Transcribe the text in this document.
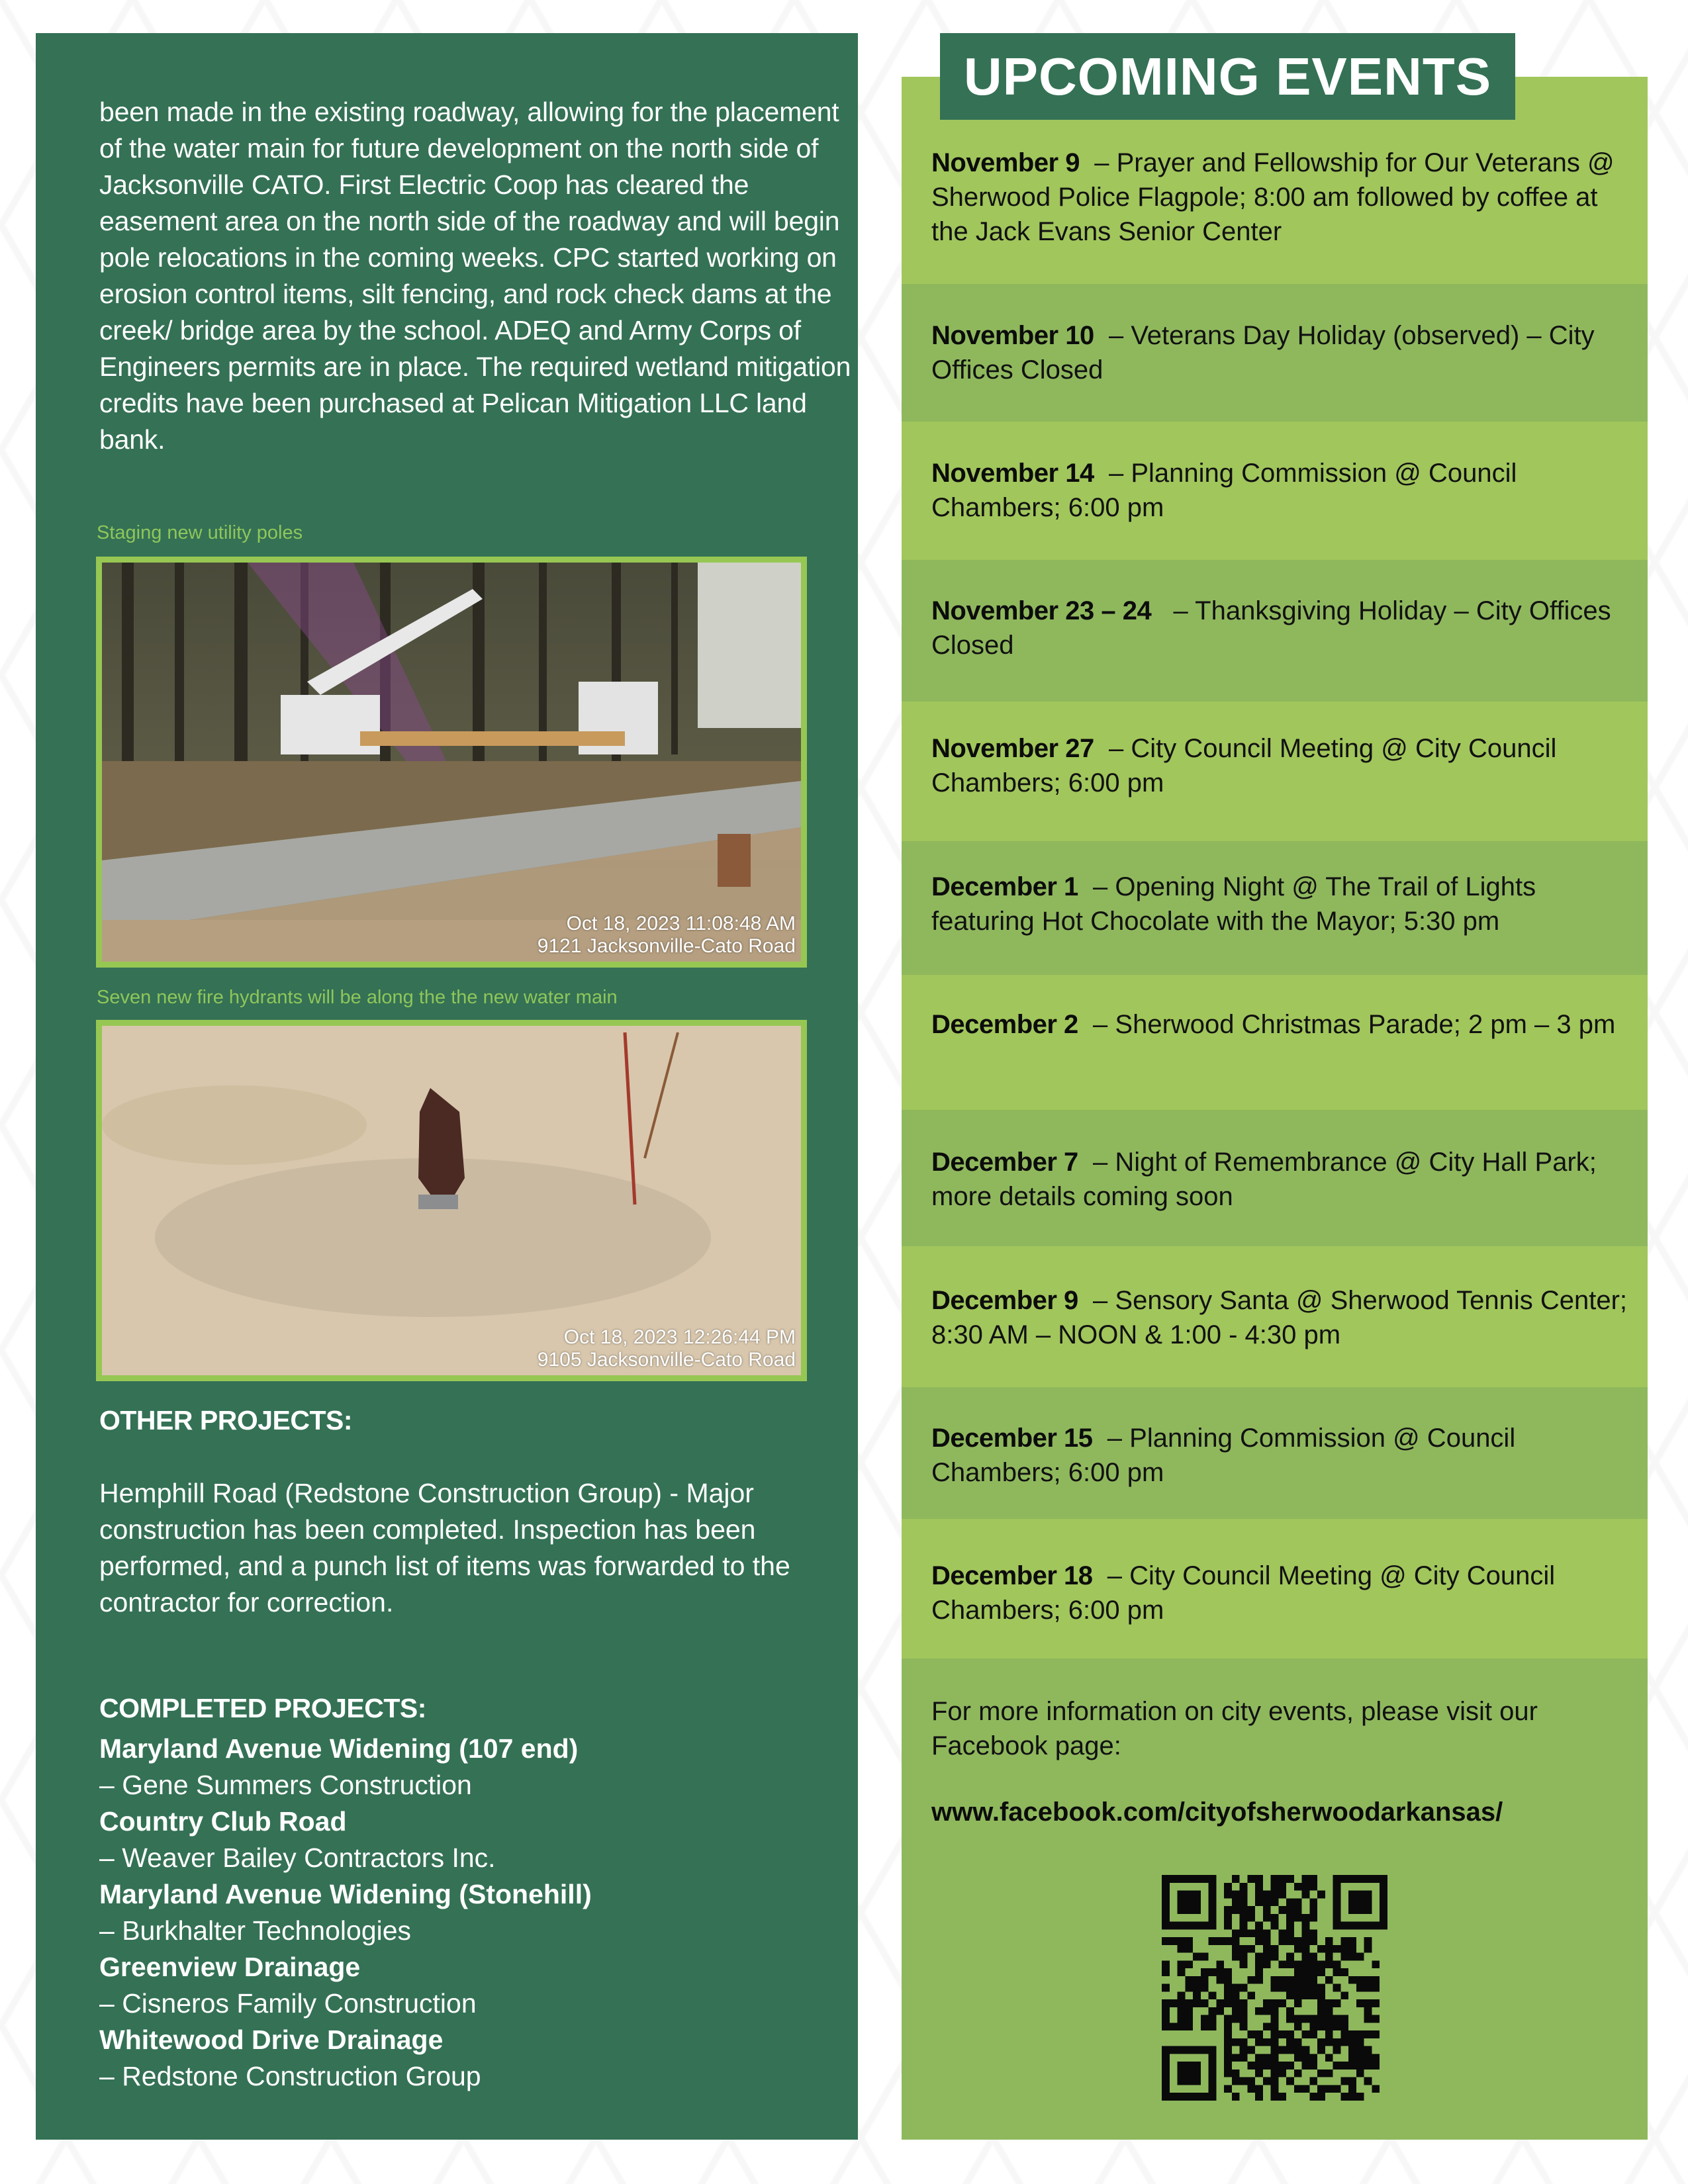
been made in the existing roadway, allowing for the placement of the water main for future development on the north side of Jacksonville CATO. First Electric Coop has cleared the easement area on the north side of the roadway and will begin pole relocations in the coming weeks. CPC started working on erosion control items, silt fencing, and rock check dams at the creek/ bridge area by the school. ADEQ and Army Corps of Engineers permits are in place. The required wetland mitigation credits have been purchased at Pelican Mitigation LLC land bank.

Staging new utility poles
Oct 18, 2023 11:08:48 AM
9121 Jacksonville-Cato Road
Seven new fire hydrants will be along the the new water main
Oct 18, 2023 12:26:44 PM
9105 Jacksonville-Cato Road
OTHER PROJECTS:

Hemphill Road (Redstone Construction Group) - Major construction has been completed. Inspection has been performed, and a punch list of items was forwarded to the contractor for correction.

COMPLETED PROJECTS:
Maryland Avenue Widening (107 end)
– Gene Summers Construction
Country Club Road
– Weaver Bailey Contractors Inc.
Maryland Avenue Widening (Stonehill)
– Burkhalter Technologies
Greenview Drainage
– Cisneros Family Construction
Whitewood Drive Drainage
– Redstone Construction Group
November 9 – Prayer and Fellowship for Our Veterans @ Sherwood Police Flagpole; 8:00 am followed by coffee at the Jack Evans Senior Center
November 10 – Veterans Day Holiday (observed) – City Offices Closed
November 14 – Planning Commission @ Council Chambers; 6:00 pm
November 23 – 24 – Thanksgiving Holiday – City Offices Closed
November 27 – City Council Meeting @ City Council Chambers; 6:00 pm
December 1 – Opening Night @ The Trail of Lights featuring Hot Chocolate with the Mayor; 5:30 pm
December 2 – Sherwood Christmas Parade; 2 pm – 3 pm
December 7 – Night of Remembrance @ City Hall Park; more details coming soon
December 9 – Sensory Santa @ Sherwood Tennis Center; 8:30 AM – NOON & 1:00 - 4:30 pm
December 15 – Planning Commission @ Council Chambers; 6:00 pm
December 18 – City Council Meeting @ City Council Chambers; 6:00 pm

For more information on city events, please visit our Facebook page:

www.facebook.com/cityofsherwoodarkansas/
UPCOMING EVENTS
